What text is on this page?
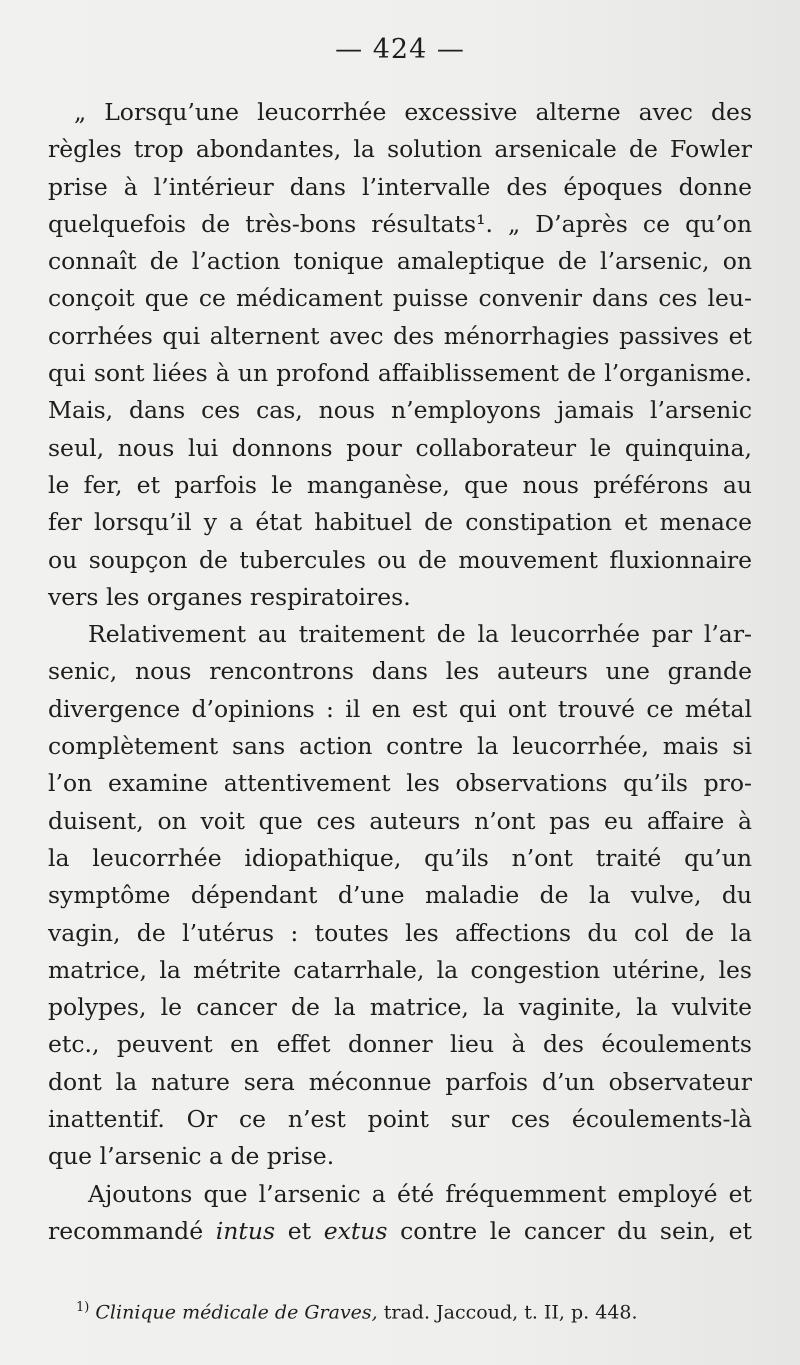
— 424 —
„ Lorsqu’une leucorrhée excessive alterne avec des
règles trop abondantes, la solution arsenicale de Fowler
prise à l’intérieur dans l’intervalle des époques donne
quelquefois de très-bons résultats¹. „ D’après ce qu’on
connaît de l’action tonique amaleptique de l’arsenic, on
conçoit que ce médicament puisse convenir dans ces leu-
corrhées qui alternent avec des ménorrhagies passives et
qui sont liées à un profond affaiblissement de l’organisme.
Mais, dans ces cas, nous n’employons jamais l’arsenic
seul, nous lui donnons pour collaborateur le quinquina,
le fer, et parfois le manganèse, que nous préférons au
fer lorsqu’il y a état habituel de constipation et menace
ou soupçon de tubercules ou de mouvement fluxionnaire
vers les organes respiratoires.
Relativement au traitement de la leucorrhée par l’ar-
senic, nous rencontrons dans les auteurs une grande
divergence d’opinions : il en est qui ont trouvé ce métal
complètement sans action contre la leucorrhée, mais si
l’on examine attentivement les observations qu’ils pro-
duisent, on voit que ces auteurs n’ont pas eu affaire à
la leucorrhée idiopathique, qu’ils n’ont traité qu’un
symptôme dépendant d’une maladie de la vulve, du
vagin, de l’utérus : toutes les affections du col de la
matrice, la métrite catarrhale, la congestion utérine, les
polypes, le cancer de la matrice, la vaginite, la vulvite
etc., peuvent en effet donner lieu à des écoulements
dont la nature sera méconnue parfois d’un observateur
inattentif. Or ce n’est point sur ces écoulements-là
que l’arsenic a de prise.
Ajoutons que l’arsenic a été fréquemment employé et
recommandé intus et extus contre le cancer du sein, et
$^{1)}$ Clinique médicale de Graves, trad. Jaccoud, t. II, p. 448.
